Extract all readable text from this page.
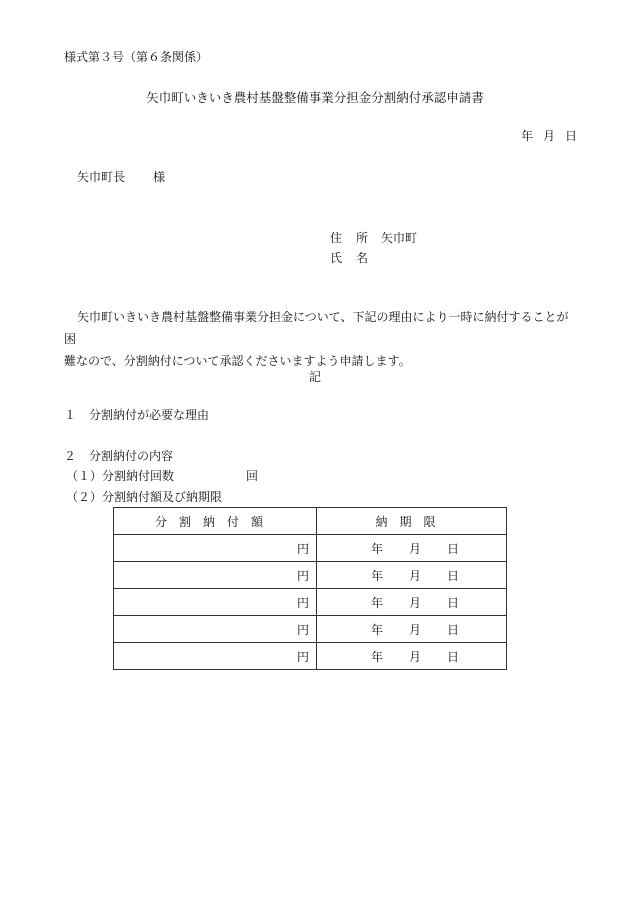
様式第３号（第６条関係）
矢巾町いきいき農村基盤整備事業分担金分割納付承認申請書
年 月 日
矢巾町長 様
住 所 矢巾町
氏 名
矢巾町いきいき農村基盤整備事業分担金について、下記の理由により一時に納付することが困
難なので、分割納付について承認くださいますよう申請します。
記
１ 分割納付が必要な理由
２ 分割納付の内容
（１）分割納付回数	回
（２）分割納付額及び納期限
分割納付額	納期限
円	年 月 日
円	年 月 日
円	年 月 日
円	年 月 日
円	年 月 日
